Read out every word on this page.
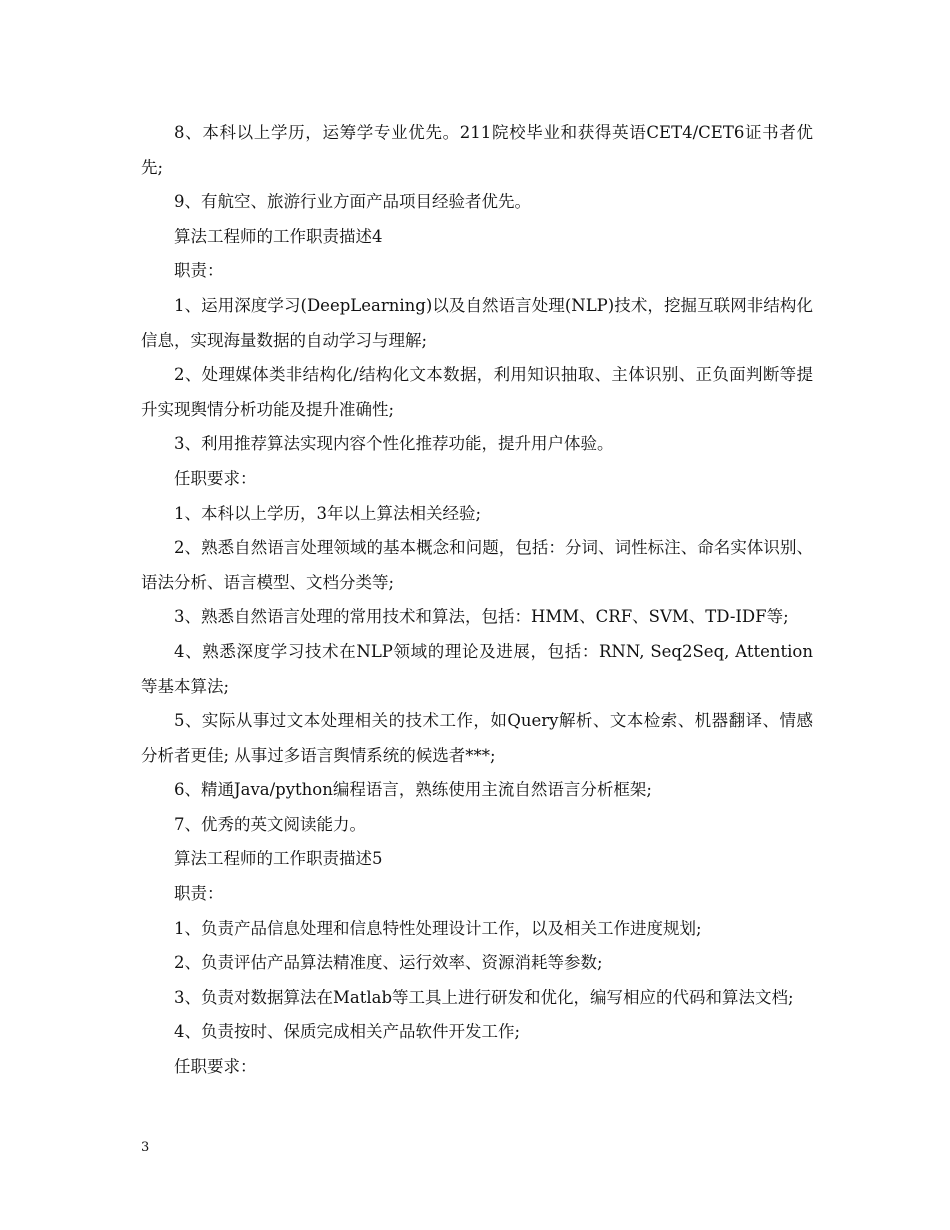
8、本科以上学历，运筹学专业优先。211院校毕业和获得英语CET4/CET6证书者优先;

9、有航空、旅游行业方面产品项目经验者优先。

算法工程师的工作职责描述4

职责：

1、运用深度学习(DeepLearning)以及自然语言处理(NLP)技术，挖掘互联网非结构化信息，实现海量数据的自动学习与理解;

2、处理媒体类非结构化/结构化文本数据，利用知识抽取、主体识别、正负面判断等提升实现舆情分析功能及提升准确性;

3、利用推荐算法实现内容个性化推荐功能，提升用户体验。

任职要求：

1、本科以上学历，3年以上算法相关经验;

2、熟悉自然语言处理领域的基本概念和问题，包括：分词、词性标注、命名实体识别、语法分析、语言模型、文档分类等;

3、熟悉自然语言处理的常用技术和算法，包括：HMM、CRF、SVM、TD-IDF等;

4、熟悉深度学习技术在NLP领域的理论及进展，包括：RNN, Seq2Seq, Attention等基本算法;

5、实际从事过文本处理相关的技术工作，如Query解析、文本检索、机器翻译、情感分析者更佳; 从事过多语言舆情系统的候选者***;

6、精通Java/python编程语言，熟练使用主流自然语言分析框架;

7、优秀的英文阅读能力。

算法工程师的工作职责描述5

职责：

1、负责产品信息处理和信息特性处理设计工作，以及相关工作进度规划;

2、负责评估产品算法精准度、运行效率、资源消耗等参数;

3、负责对数据算法在Matlab等工具上进行研发和优化，编写相应的代码和算法文档;

4、负责按时、保质完成相关产品软件开发工作;

任职要求：

3
